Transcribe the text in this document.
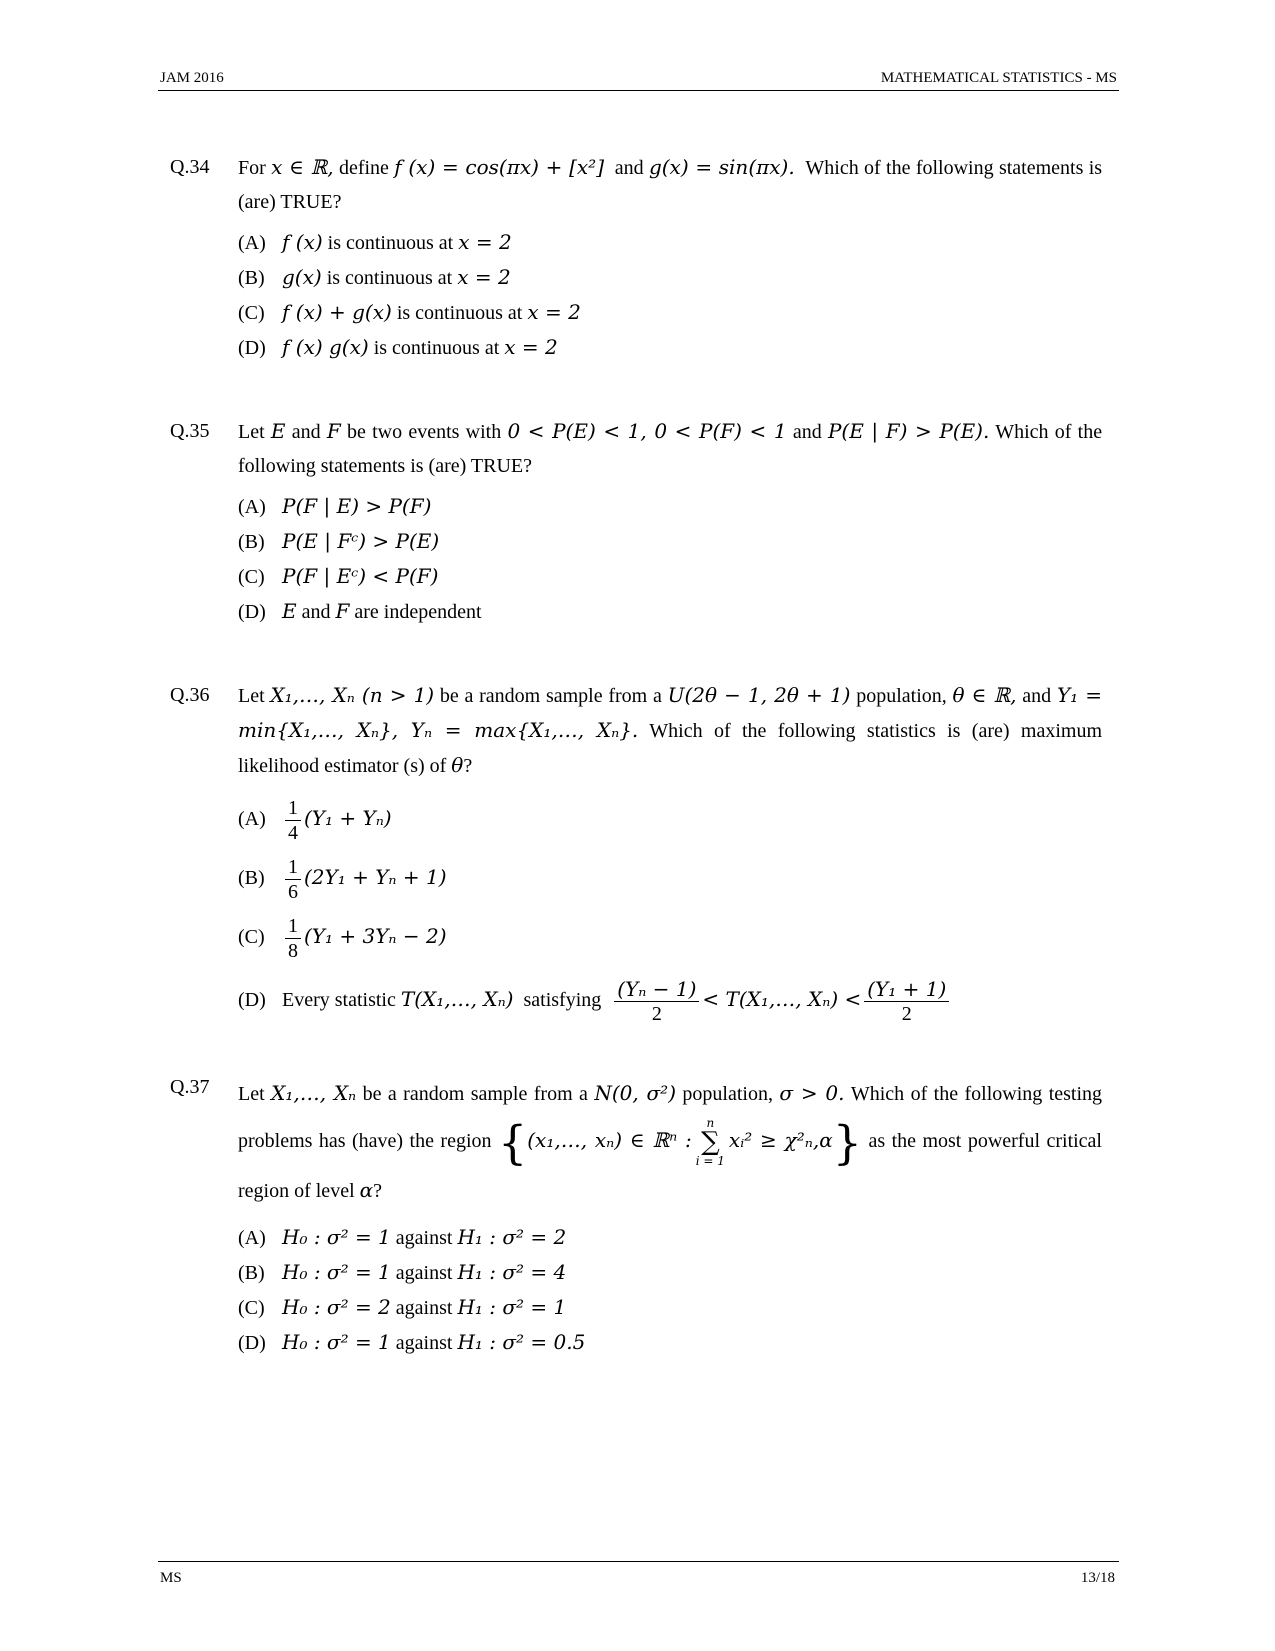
JAM 2016	MATHEMATICAL STATISTICS - MS
Q.34 For x ∈ ℝ, define f (x) = cos(πx) + [x²] and g(x) = sin(πx). Which of the following statements is (are) TRUE?
(A) f (x) is continuous at x = 2
(B) g(x) is continuous at x = 2
(C) f (x) + g(x) is continuous at x = 2
(D) f (x) g(x) is continuous at x = 2
Q.35 Let E and F be two events with 0 < P(E) < 1, 0 < P(F) < 1 and P(E | F) > P(E). Which of the following statements is (are) TRUE?
(A) P(F | E) > P(F)
(B) P(E | Fᶜ) > P(E)
(C) P(F | Eᶜ) < P(F)
(D) E and F are independent
Q.36 Let X₁,…, Xₙ (n > 1) be a random sample from a U(2θ − 1, 2θ + 1) population, θ ∈ ℝ, and Y₁ = min{X₁,…, Xₙ}, Yₙ = max{X₁,…, Xₙ}. Which of the following statistics is (are) maximum likelihood estimator (s) of θ?
$(A) \frac{1}{4} (Y_1 + Y_n)$
$(B) \frac{1}{6} (2Y_1 + Y_n + 1)$
$(C) \frac{1}{8} (Y_1 + 3Y_n - 2)$
(D) Every statistic T(X₁,…, Xₙ) satisfying $\frac{\text{(Yₙ − 1)}}{2}$ < T(X₁,…, $X_n) < \frac{\text{(Y₁ + 1)}}{2}$
Q.37 Let X₁,…, Xₙ be a random sample from a N(0, σ²) population, σ > 0. Which of the following testing problems has (have) the region {(x₁,…, xₙ) ∈ ℝⁿ :
n
∑
i = 1
xᵢ² ≥ χ²ₙ,α} as the most powerful critical region of level α?
(A) H₀ : σ² = 1 against H₁ : σ² = 2
(B) H₀ : σ² = 1 against H₁ : σ² = 4
(C) H₀ : σ² = 2 against H₁ : σ² = 1
(D) H₀ : σ² = 1 against H₁ : σ² = 0.5
MS	13/18
